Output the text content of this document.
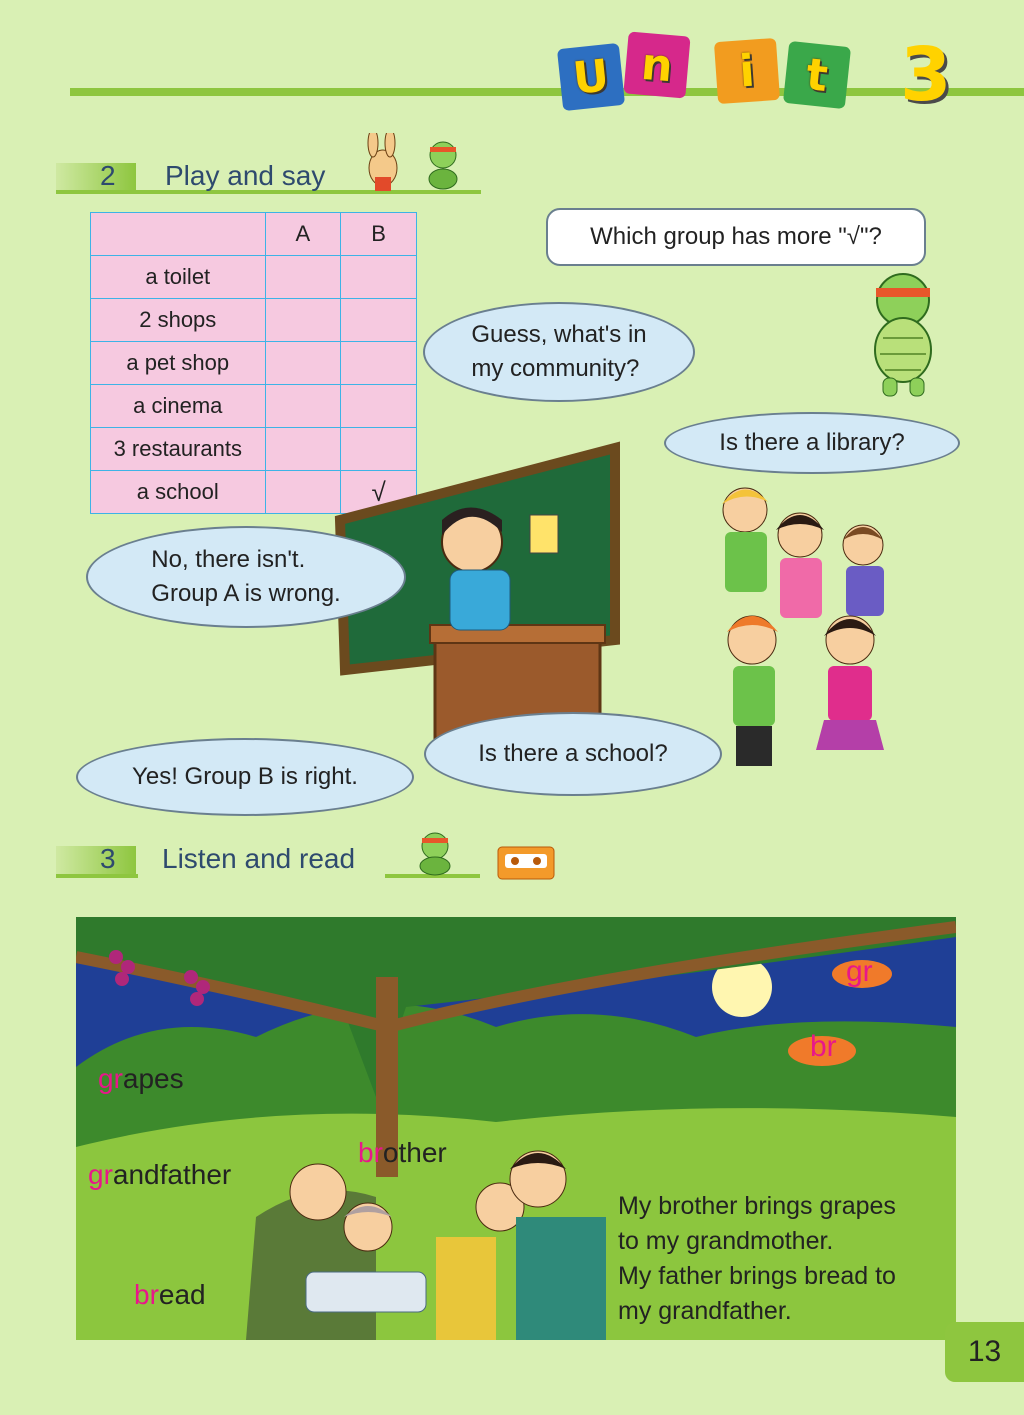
U n	i	t 3
2 Play and say
	A	B
a toilet		
2 shops		
a pet shop		
a cinema		
3 restaurants		
a school		√
Which group has more "√"?
Guess, what's in
my community?
Is there a library?
No, there isn't.
Group A is wrong.
Yes! Group B is right.
Is there a school?
3 Listen and read
gr
br
grapes
brother
grandfather
bread
My brother brings grapes
to my grandmother.
My father brings bread to
my grandfather.
13
